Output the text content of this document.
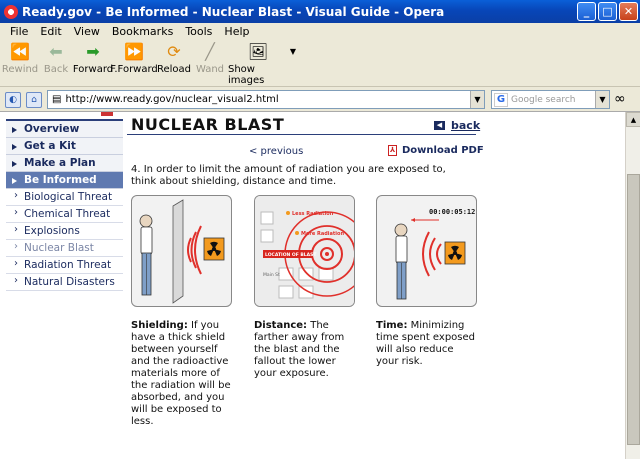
Ready.gov - Be Informed - Nuclear Blast - Visual Guide - Opera	_	□	✕
File	Edit	View	Bookmarks	Tools	Help
⏪
Rewind
⬅
Back
➡
Forward
⏩
F.Forward
⟳
Reload
╱
Wand
🖼
Show images
▼
◐	⌂	▤ http://www.ready.gov/nuclear_visual2.html	▼	G Google search	▼ ∞
Overview
Get a Kit
Make a Plan
Be Informed
› Biological Threat
› Chemical Threat
› Explosions
› Nuclear Blast
› Radiation Threat
› Natural Disasters
NUCLEAR BLAST	◀ back
< previous	⅄ Download PDF
4. In order to limit the amount of radiation you are exposed to, think about shielding, distance and time.
Less Radiation
More Radiation
LOCATION OF BLAST
Main St
00:00:05:12
Shielding: If you have a thick shield between yourself and the radioactive materials more of the radiation will be absorbed, and you will be exposed to less.
Distance: The farther away from the blast and the fallout the lower your exposure.
Time: Minimizing time spent exposed will also reduce your risk.
▲
